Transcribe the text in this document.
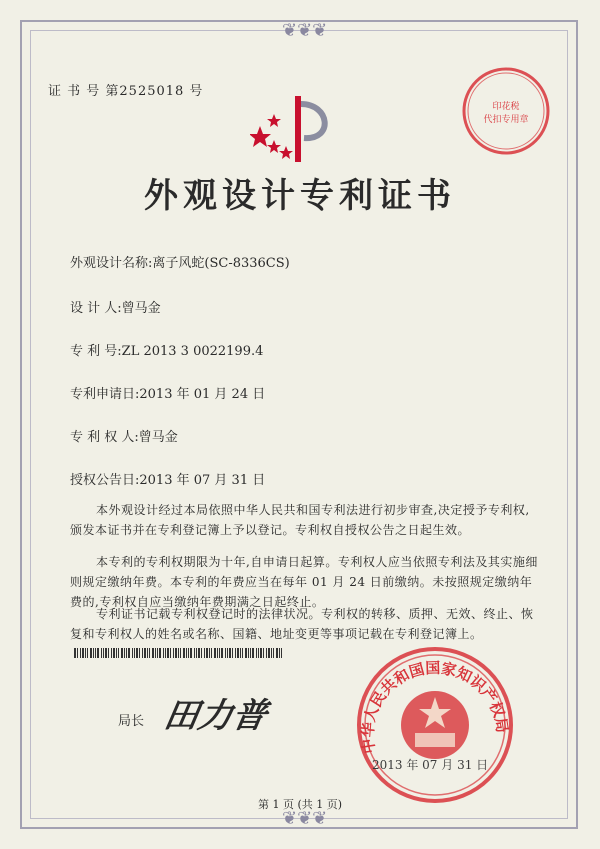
❦❦❦
❦❦❦
证 书 号 第2525018 号
外观设计专利证书
外观设计名称:离子风蛇(SC-8336CS)
设 计 人:曾马金
专 利 号:ZL 2013 3 0022199.4
专利申请日:2013 年 01 月 24 日
专 利 权 人:曾马金
授权公告日:2013 年 07 月 31 日
本外观设计经过本局依照中华人民共和国专利法进行初步审查,决定授予专利权,颁发本证书并在专利登记簿上予以登记。专利权自授权公告之日起生效。
本专利的专利权期限为十年,自申请日起算。专利权人应当依照专利法及其实施细则规定缴纳年费。本专利的年费应当在每年 01 月 24 日前缴纳。未按照规定缴纳年费的,专利权自应当缴纳年费期满之日起终止。
专利证书记载专利权登记时的法律状况。专利权的转移、质押、无效、终止、恢复和专利权人的姓名或名称、国籍、地址变更等事项记载在专利登记簿上。
局长 田力普
印花税
代扣专用章
中华人民共和国国家知识产权局
2013 年 07 月 31 日
第 1 页 (共 1 页)
